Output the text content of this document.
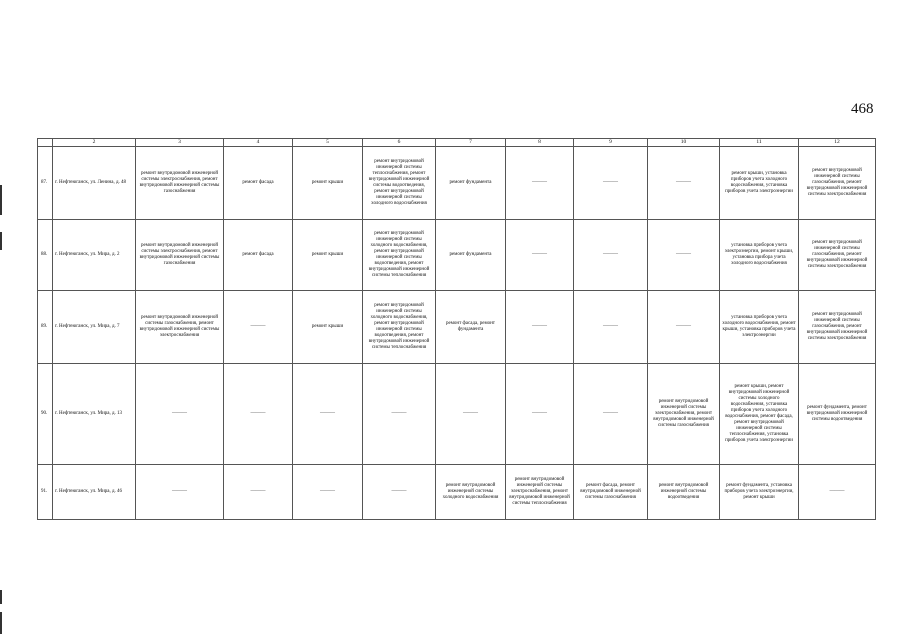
468
	2	3	4	5	6	7	8	9	10	11	12
87.	г. Нефтеюганск, ул. Ленина, д. 48	ремонт внутридомовой инженерной системы электроснабжения, ремонт внутридомовой инженерной системы газоснабжения	ремонт фасада	ремонт крыши	ремонт внутридомовой инженерной системы теплоснабжения, ремонт внутридомовой инженерной системы водоотведения, ремонт внутридомовой инженерной системы холодного водоснабжения	ремонт фундамента	———	———	———	ремонт крыши, установка приборов учета холодного водоснабжения, установка приборов учета электроэнергии	ремонт внутридомовой инженерной системы газоснабжения, ремонт внутридомовой инженерной системы электроснабжения
88.	г. Нефтеюганск, ул. Мира, д. 2	ремонт внутридомовой инженерной системы электроснабжения, ремонт внутридомовой инженерной системы газоснабжения	ремонт фасада	ремонт крыши	ремонт внутридомовой инженерной системы холодного водоснабжения, ремонт внутридомовой инженерной системы водоотведения, ремонт внутридомовой инженерной системы теплоснабжения	ремонт фундамента	———	———	———	установка приборов учета электроэнергии, ремонт крыши, установка прибора учета холодного водоснабжения	ремонт внутридомовой инженерной системы газоснабжения, ремонт внутридомовой инженерной системы электроснабжения
89.	г. Нефтеюганск, ул. Мира, д. 7	ремонт внутридомовой инженерной системы газоснабжения, ремонт внутридомовой инженерной системы электроснабжения	———	ремонт крыши	ремонт внутридомовой инженерной системы холодного водоснабжения, ремонт внутридомовой инженерной системы водоотведения, ремонт внутридомовой инженерной системы теплоснабжения	ремонт фасада, ремонт фундамента	———	———	———	установка приборов учета холодного водоснабжения, ремонт крыши, установка приборов учета электроэнергии	ремонт внутридомовой инженерной системы газоснабжения, ремонт внутридомовой инженерной системы электроснабжения
90.	г. Нефтеюганск, ул. Мира, д. 13	———	———	———	———	———	———	———	ремонт внутридомовой инженерной системы электроснабжения, ремонт внутридомовой инженерной системы газоснабжения	ремонт крыши, ремонт внутридомовой инженерной системы холодного водоснабжения, установка приборов учета холодного водоснабжения, ремонт фасада, ремонт внутридомовой инженерной системы теплоснабжения, установка приборов учета электроэнергии	ремонт фундамента, ремонт внутридомовой инженерной системы водоотведения
91.	г. Нефтеюганск, ул. Мира, д. 46	———	———	———	———	ремонт внутридомовой инженерной системы холодного водоснабжения	ремонт внутридомовой инженерной системы электроснабжения, ремонт внутридомовой инженерной системы теплоснабжения	ремонт фасада, ремонт внутридомовой инженерной системы газоснабжения	ремонт внутридомовой инженерной системы водоотведения	ремонт фундамента, установка приборов учета электроэнергии, ремонт крыши	———
